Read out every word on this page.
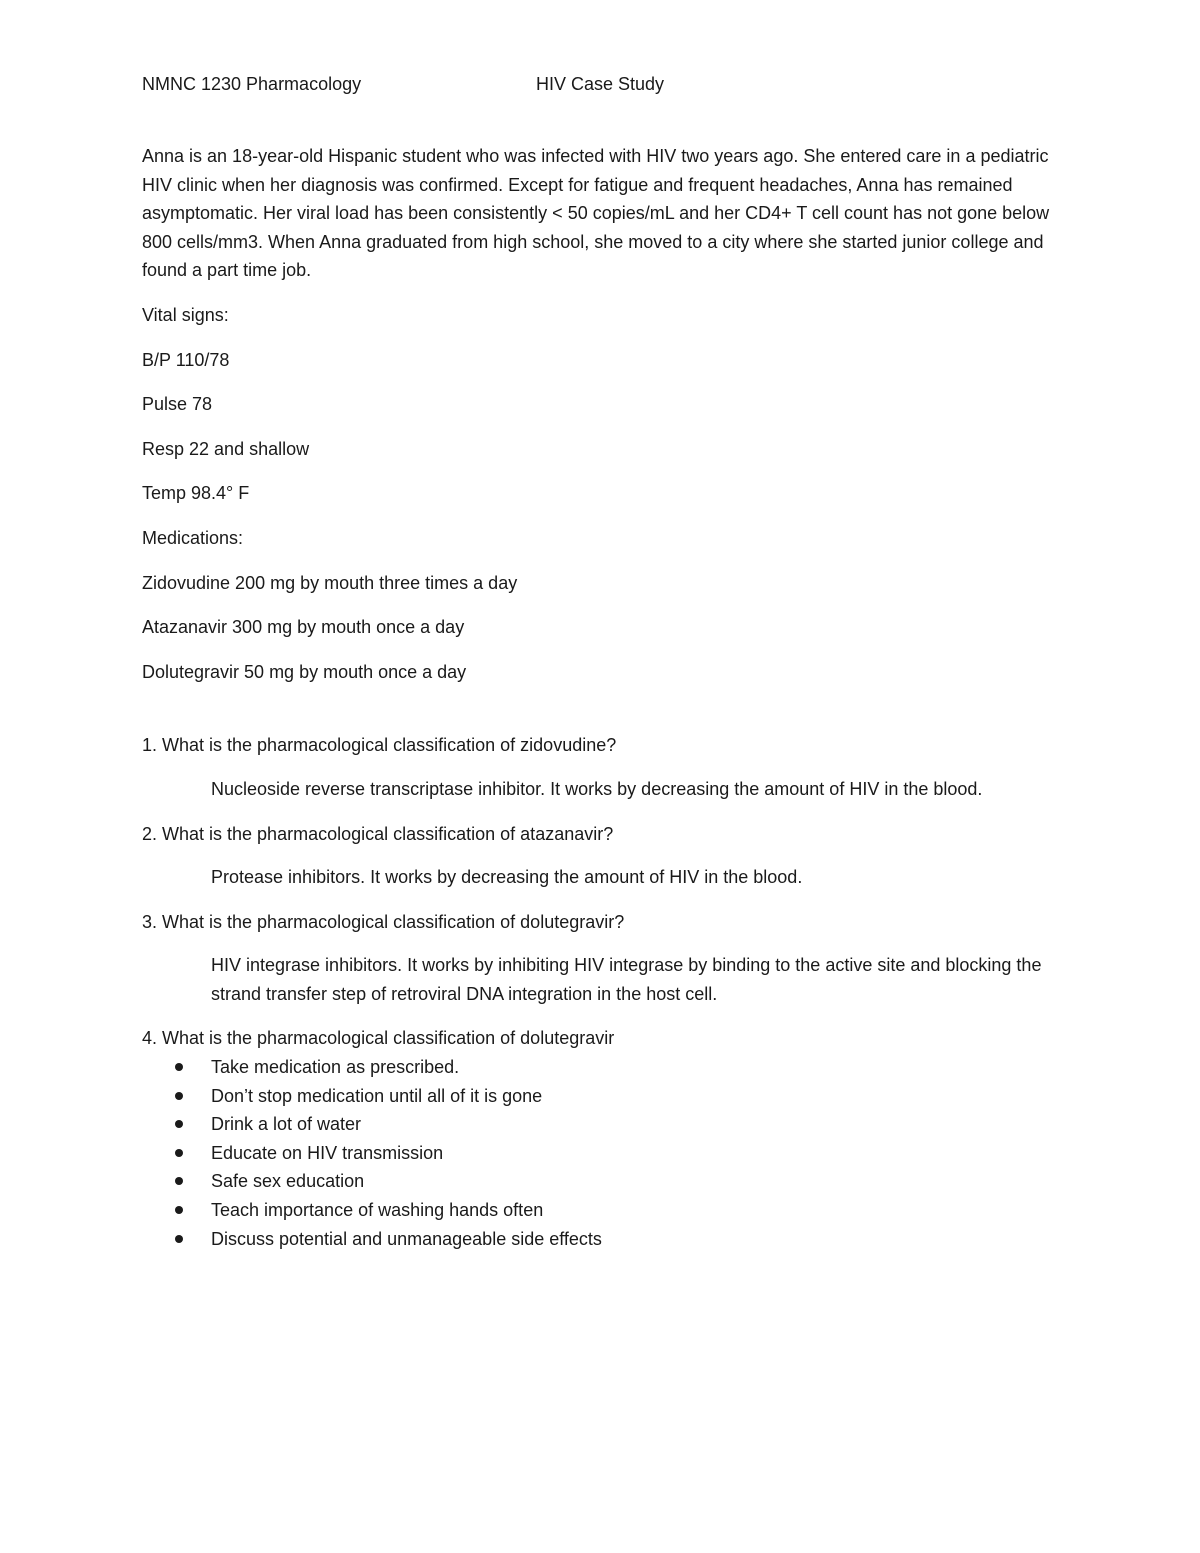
NMNC 1230 Pharmacology	HIV Case Study

Anna is an 18-year-old Hispanic student who was infected with HIV two years ago. She entered care in a pediatric HIV clinic when her diagnosis was confirmed. Except for fatigue and frequent headaches, Anna has remained asymptomatic. Her viral load has been consistently < 50 copies/mL and her CD4+ T cell count has not gone below 800 cells/mm3. When Anna graduated from high school, she moved to a city where she started junior college and found a part time job.

Vital signs:

B/P 110/78

Pulse 78

Resp 22 and shallow

Temp 98.4° F

Medications:

Zidovudine 200 mg by mouth three times a day

Atazanavir 300 mg by mouth once a day

Dolutegravir 50 mg by mouth once a day

1. What is the pharmacological classification of zidovudine?

Nucleoside reverse transcriptase inhibitor. It works by decreasing the amount of HIV in the blood.

2. What is the pharmacological classification of atazanavir?

Protease inhibitors. It works by decreasing the amount of HIV in the blood.

3. What is the pharmacological classification of dolutegravir?

HIV integrase inhibitors. It works by inhibiting HIV integrase by binding to the active site and blocking the strand transfer step of retroviral DNA integration in the host cell.

4. What is the pharmacological classification of dolutegravir

Take medication as prescribed.
Don’t stop medication until all of it is gone
Drink a lot of water
Educate on HIV transmission
Safe sex education
Teach importance of washing hands often
Discuss potential and unmanageable side effects
